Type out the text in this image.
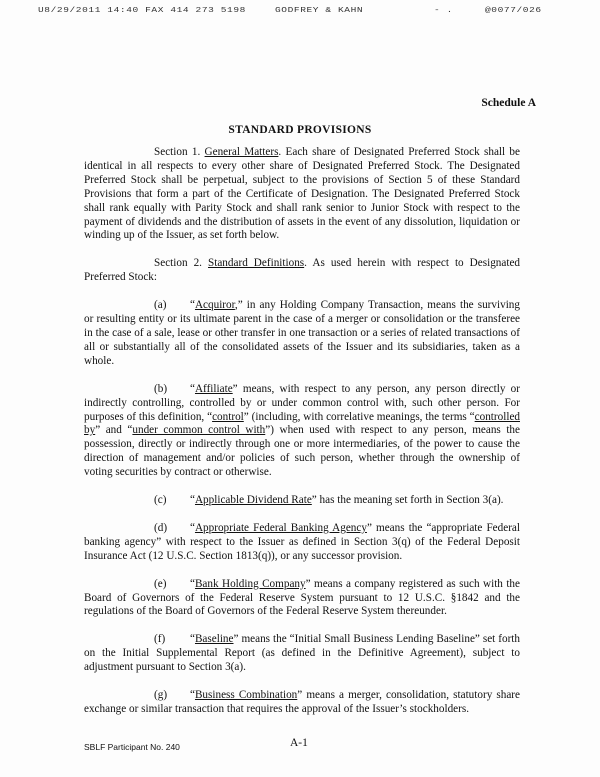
U8/29/2011 14:40 FAX 414 273 5198	GODFREY & KAHN	- .	@0077/026
Schedule A
STANDARD PROVISIONS

Section 1. General Matters. Each share of Designated Preferred Stock shall be identical in all respects to every other share of Designated Preferred Stock. The Designated Preferred Stock shall be perpetual, subject to the provisions of Section 5 of these Standard Provisions that form a part of the Certificate of Designation. The Designated Preferred Stock shall rank equally with Parity Stock and shall rank senior to Junior Stock with respect to the payment of dividends and the distribution of assets in the event of any dissolution, liquidation or winding up of the Issuer, as set forth below.

Section 2. Standard Definitions. As used herein with respect to Designated Preferred Stock:

(a) “Acquiror,” in any Holding Company Transaction, means the surviving or resulting entity or its ultimate parent in the case of a merger or consolidation or the transferee in the case of a sale, lease or other transfer in one transaction or a series of related transactions of all or substantially all of the consolidated assets of the Issuer and its subsidiaries, taken as a whole.

(b) “Affiliate” means, with respect to any person, any person directly or indirectly controlling, controlled by or under common control with, such other person. For purposes of this definition, “control” (including, with correlative meanings, the terms “controlled by” and “under common control with”) when used with respect to any person, means the possession, directly or indirectly through one or more intermediaries, of the power to cause the direction of management and/or policies of such person, whether through the ownership of voting securities by contract or otherwise.

(c) “Applicable Dividend Rate” has the meaning set forth in Section 3(a).

(d) “Appropriate Federal Banking Agency” means the “appropriate Federal banking agency” with respect to the Issuer as defined in Section 3(q) of the Federal Deposit Insurance Act (12 U.S.C. Section 1813(q)), or any successor provision.

(e) “Bank Holding Company” means a company registered as such with the Board of Governors of the Federal Reserve System pursuant to 12 U.S.C. §1842 and the regulations of the Board of Governors of the Federal Reserve System thereunder.

(f) “Baseline” means the “Initial Small Business Lending Baseline” set forth on the Initial Supplemental Report (as defined in the Definitive Agreement), subject to adjustment pursuant to Section 3(a).

(g) “Business Combination” means a merger, consolidation, statutory share exchange or similar transaction that requires the approval of the Issuer’s stockholders.

SBLF Participant No. 240	A-1
